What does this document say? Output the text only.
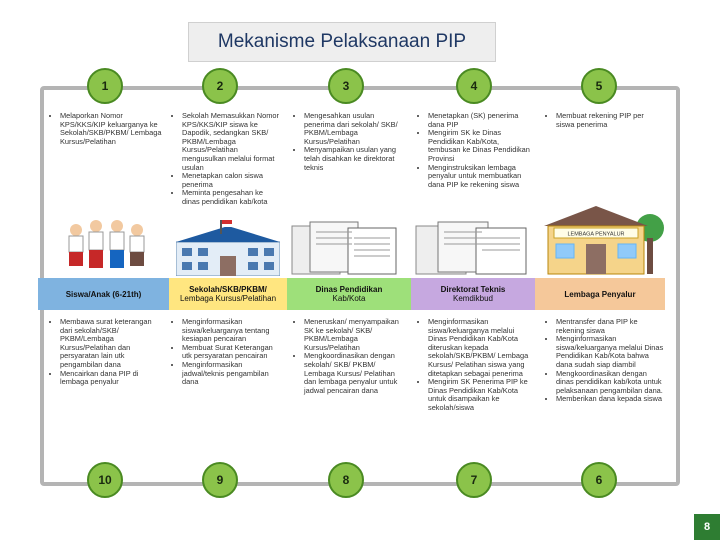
Mekanisme Pelaksanaan PIP
1	2	3	4	5
10	9	8	7	6
• Melaporkan Nomor KPS/KKS/KIP keluarganya ke Sekolah/SKB/PKBM/ Lembaga Kursus/Pelatihan
• Sekolah Memasukkan Nomor KPS/KKS/KIP siswa ke Dapodik, sedangkan SKB/ PKBM/Lembaga Kursus/Pelatihan mengusulkan melalui format usulan
• Menetapkan calon siswa penerima
• Meminta pengesahan ke dinas pendidikan kab/kota
• Mengesahkan usulan penerima dari sekolah/ SKB/ PKBM/Lembaga Kursus/Pelatihan
• Menyampaikan usulan yang telah disahkan ke direktorat teknis
• Menetapkan (SK) penerima dana PIP
• Mengirim SK ke Dinas Pendidikan Kab/Kota, tembusan ke Dinas Pendidikan Provinsi
• Menginstruksikan lembaga penyalur untuk membuatkan dana PIP ke rekening siswa
• Membuat rekening PIP per siswa penerima
LEMBAGA PENYALUR
Siswa/Anak (6-21th)	Sekolah/SKB/PKBM/
Lembaga Kursus/Pelatihan
Dinas Pendidikan
Kab/Kota
Direktorat Teknis
Kemdikbud	Lembaga Penyalur
• Membawa surat keterangan dari sekolah/SKB/ PKBM/Lembaga Kursus/Pelatihan dan persyaratan lain utk pengambilan dana
• Mencairkan dana PIP di lembaga penyalur
• Menginformasikan siswa/keluarganya tentang kesiapan pencairan
• Membuat Surat Keterangan utk persyaratan pencairan
• Menginformasikan jadwal/teknis pengambilan dana
• Meneruskan/ menyampaikan SK ke sekolah/ SKB/ PKBM/Lembaga Kursus/Pelatihan
• Mengkoordinasikan dengan sekolah/ SKB/ PKBM/ Lembaga Kursus/ Pelatihan dan lembaga penyalur untuk jadwal pencairan dana
• Menginformasikan siswa/keluarganya melalui Dinas Pendidikan Kab/Kota diteruskan kepada sekolah/SKB/PKBM/ Lembaga Kursus/ Pelatihan siswa yang ditetapkan sebagai penerima
• Mengirim SK Penerima PIP ke Dinas Pendidikan Kab/Kota untuk disampaikan ke sekolah/siswa
• Mentransfer dana PIP ke rekening siswa
• Menginformasikan siswa/keluarganya melalui Dinas Pendidikan Kab/Kota bahwa dana sudah siap diambil
• Mengkoordinasikan dengan dinas pendidikan kab/kota untuk pelaksanaan pengambilan dana.
• Memberikan dana kepada siswa
8
